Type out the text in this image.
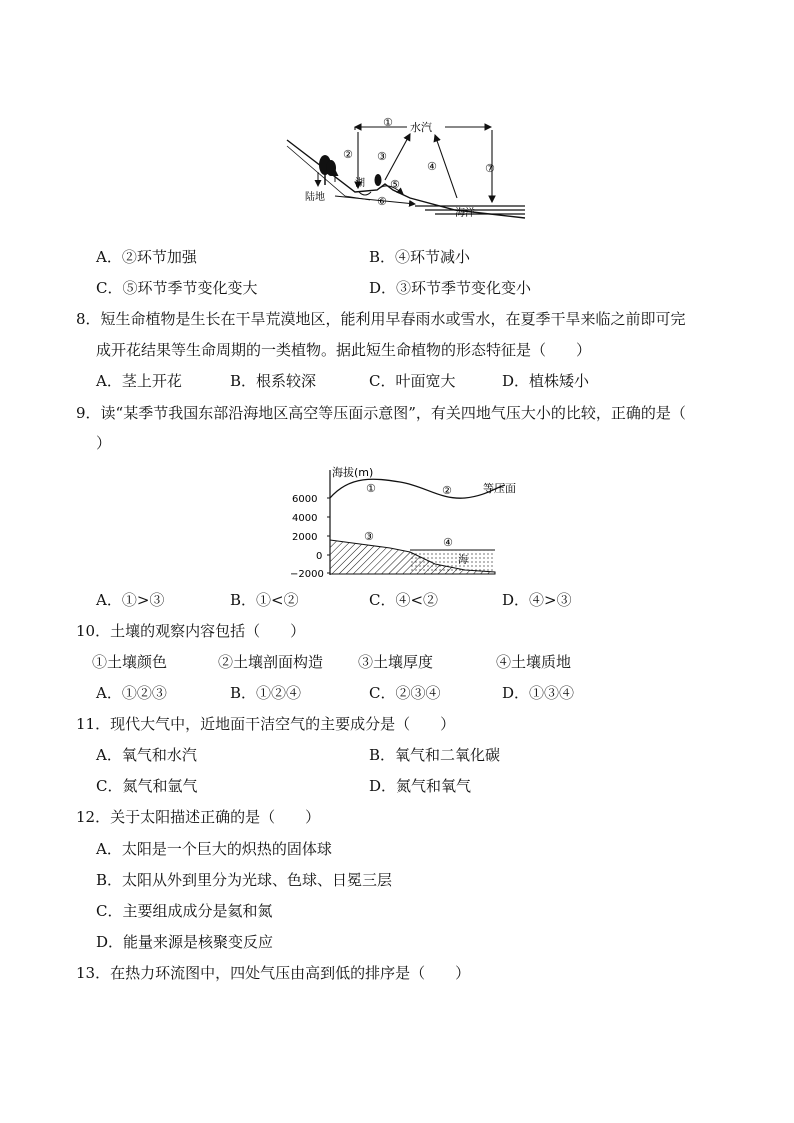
① 水汽
② ③
④	⑦
湖 ⑤
⑥
陆地
海洋
A．②环节加强	B．④环节减小
C．⑤环节季节变化变大	D．③环节季节变化变小
8．短生命植物是生长在干旱荒漠地区，能利用早春雨水或雪水，在夏季干旱来临之前即可完
成开花结果等生命周期的一类植物。据此短生命植物的形态特征是（　　）
A．茎上开花	B．根系较深	C．叶面宽大	D．植株矮小
9．读“某季节我国东部沿海地区高空等压面示意图”，有关四地气压大小的比较，正确的是（
）
海拔(m)
6000
4000
2000
0
−2000
①	②	等压面
③	④
海
A．①>③	B．①<②	C．④<②	D．④>③
10．土壤的观察内容包括（　　）
①土壤颜色	②土壤剖面构造 ③土壤厚度	④土壤质地
A．①②③	B．①②④	C．②③④	D．①③④
11．现代大气中，近地面干洁空气的主要成分是（　　）
A．氧气和水汽	B．氧气和二氧化碳
C．氮气和氩气	D．氮气和氧气
12．关于太阳描述正确的是（　　）
A．太阳是一个巨大的炽热的固体球
B．太阳从外到里分为光球、色球、日冕三层
C．主要组成成分是氦和氮
D．能量来源是核聚变反应
13．在热力环流图中，四处气压由高到低的排序是（　　）
